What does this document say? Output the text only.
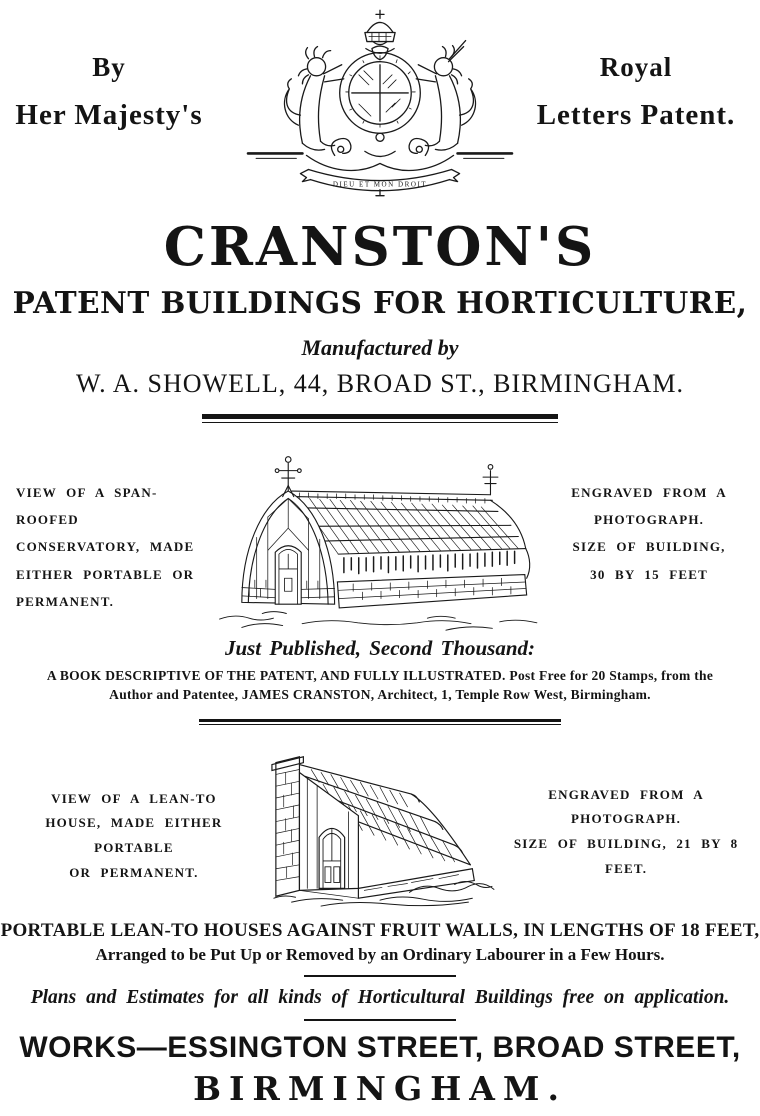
By
Her Majesty's
DIEU ET MON DROIT
Royal
Letters Patent.
CRANSTON'S
PATENT BUILDINGS FOR HORTICULTURE,
Manufactured by
W. A. SHOWELL, 44, BROAD ST., BIRMINGHAM.
VIEW OF A SPAN-ROOFED
CONSERVATORY, MADE
EITHER PORTABLE OR
PERMANENT.
ENGRAVED FROM A
PHOTOGRAPH.
SIZE OF BUILDING,
30 BY 15 FEET
Just Published, Second Thousand:
A BOOK DESCRIPTIVE OF THE PATENT, AND FULLY ILLUSTRATED. Post Free for 20 Stamps, from the
Author and Patentee, JAMES CRANSTON, Architect, 1, Temple Row West, Birmingham.
VIEW OF A LEAN-TO
HOUSE, MADE EITHER PORTABLE
OR PERMANENT.
ENGRAVED FROM A
PHOTOGRAPH.
SIZE OF BUILDING, 21 BY 8 FEET.
PORTABLE LEAN-TO HOUSES AGAINST FRUIT WALLS, IN LENGTHS OF 18 FEET,
Arranged to be Put Up or Removed by an Ordinary Labourer in a Few Hours.
Plans and Estimates for all kinds of Horticultural Buildings free on application.
WORKS—ESSINGTON STREET, BROAD STREET,
BIRMINGHAM.
